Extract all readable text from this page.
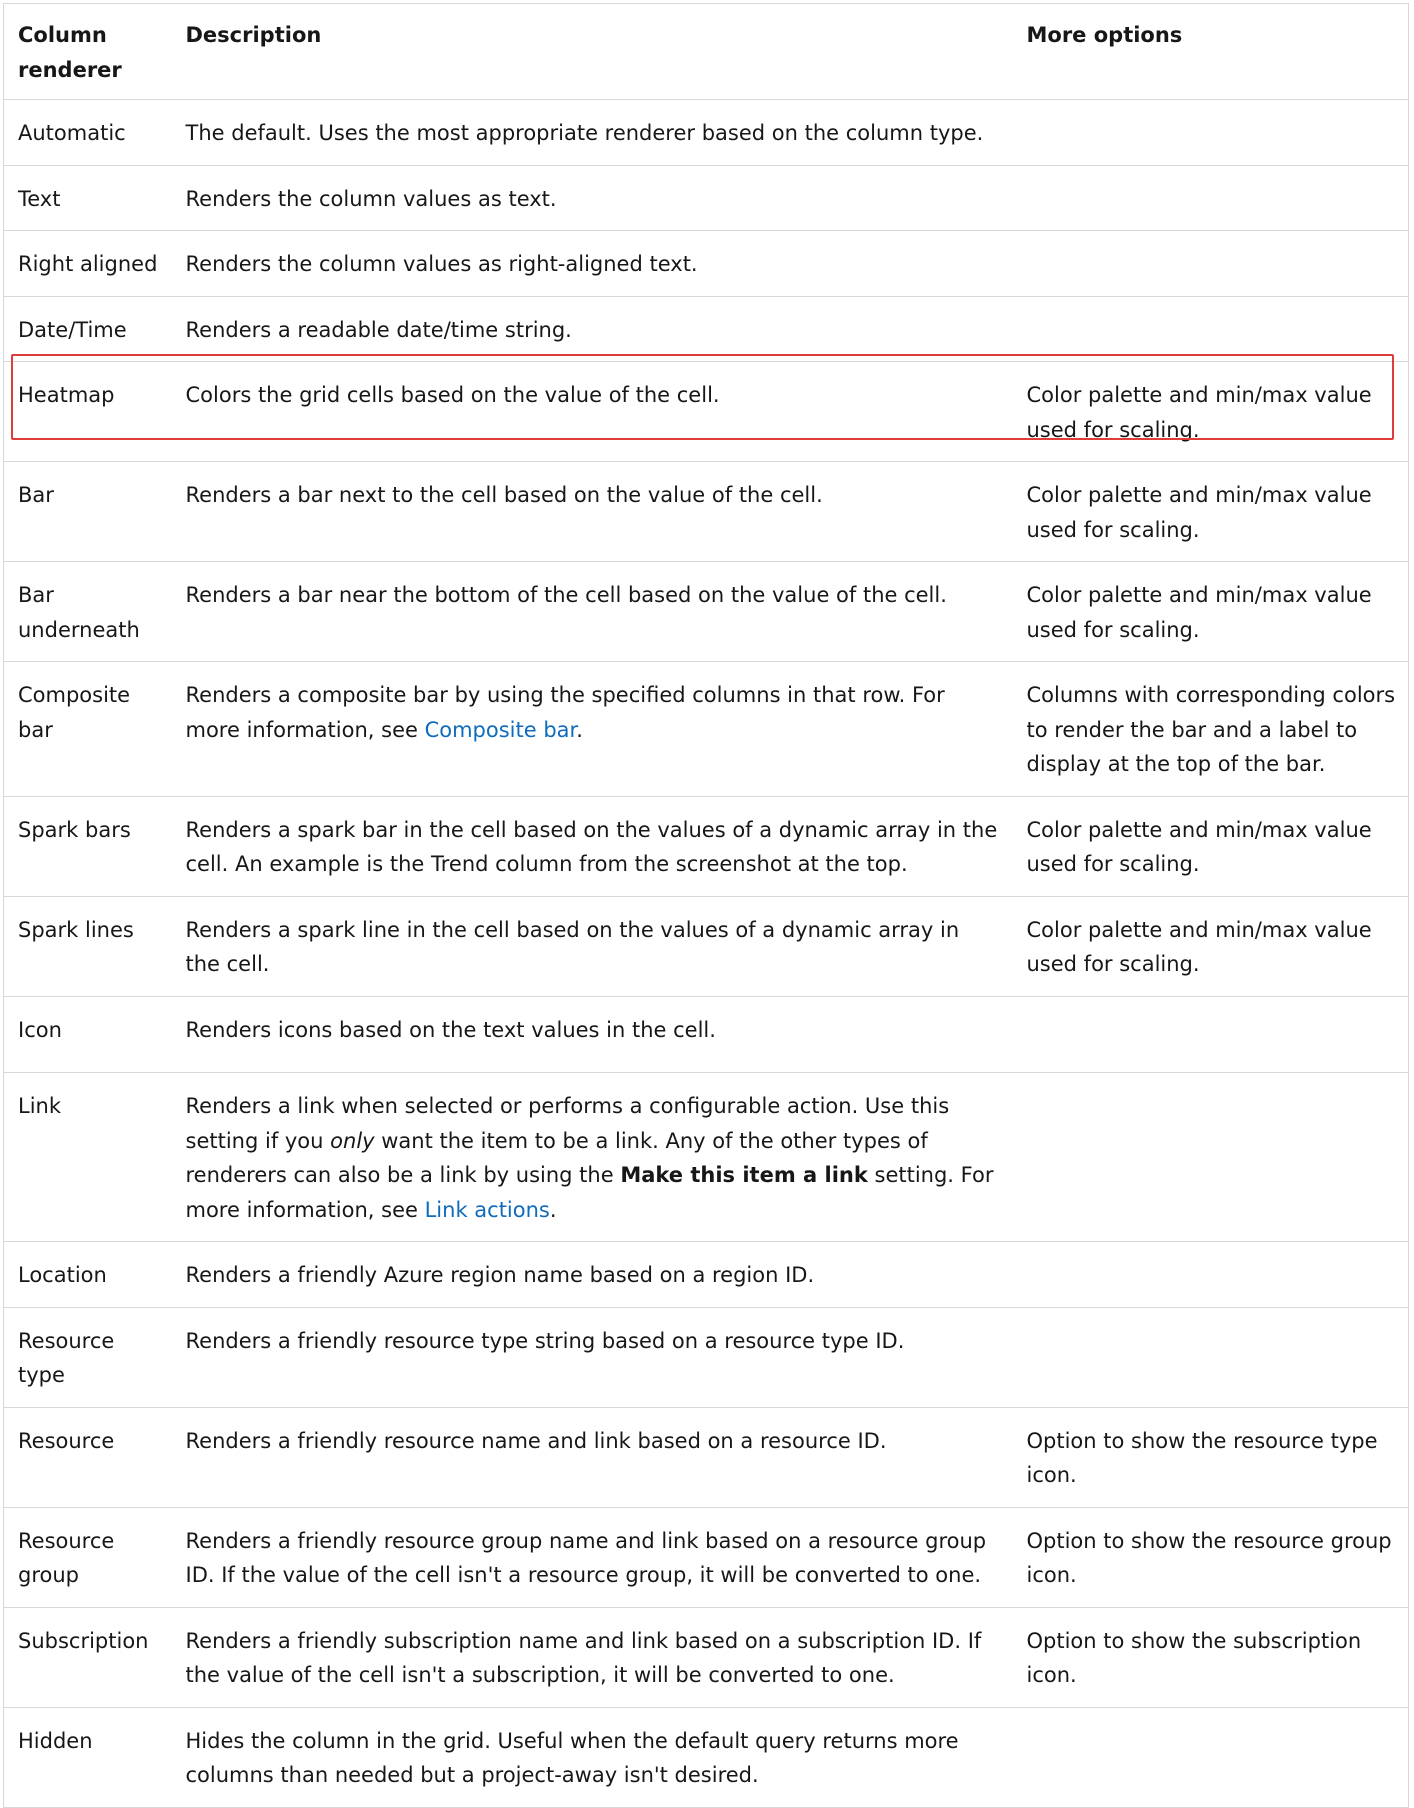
Column renderer	Description	More options
Automatic	The default. Uses the most appropriate renderer based on the column type.	
Text	Renders the column values as text.	
Right aligned	Renders the column values as right-aligned text.	
Date/Time	Renders a readable date/time string.	
Heatmap	Colors the grid cells based on the value of the cell.	Color palette and min/max value used for scaling.
Bar	Renders a bar next to the cell based on the value of the cell.	Color palette and min/max value used for scaling.
Bar underneath	Renders a bar near the bottom of the cell based on the value of the cell.	Color palette and min/max value used for scaling.
Composite bar	Renders a composite bar by using the specified columns in that row. For more information, see Composite bar.	Columns with corresponding colors to render the bar and a label to display at the top of the bar.
Spark bars	Renders a spark bar in the cell based on the values of a dynamic array in the cell. An example is the Trend column from the screenshot at the top.	Color palette and min/max value used for scaling.
Spark lines	Renders a spark line in the cell based on the values of a dynamic array in the cell.	Color palette and min/max value used for scaling.
Icon	Renders icons based on the text values in the cell.	
Link	Renders a link when selected or performs a configurable action. Use this setting if you only want the item to be a link. Any of the other types of renderers can also be a link by using the Make this item a link setting. For more information, see Link actions.	
Location	Renders a friendly Azure region name based on a region ID.	
Resource type	Renders a friendly resource type string based on a resource type ID.	
Resource	Renders a friendly resource name and link based on a resource ID.	Option to show the resource type icon.
Resource group	Renders a friendly resource group name and link based on a resource group ID. If the value of the cell isn't a resource group, it will be converted to one.	Option to show the resource group icon.
Subscription	Renders a friendly subscription name and link based on a subscription ID. If the value of the cell isn't a subscription, it will be converted to one.	Option to show the subscription icon.
Hidden	Hides the column in the grid. Useful when the default query returns more columns than needed but a project-away isn't desired.	
